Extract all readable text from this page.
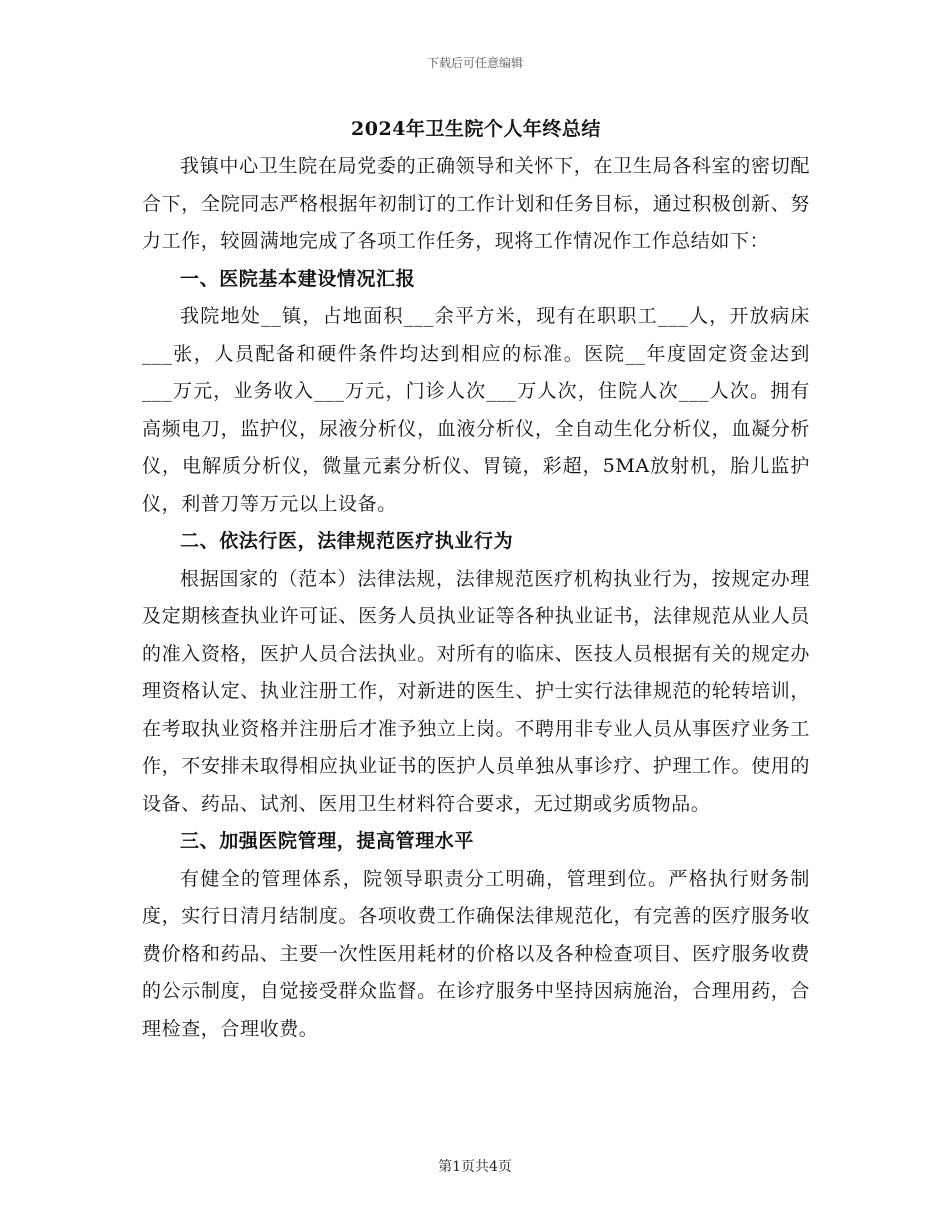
下载后可任意编辑
2024年卫生院个人年终总结

我镇中心卫生院在局党委的正确领导和关怀下，在卫生局各科室的密切配合下，全院同志严格根据年初制订的工作计划和任务目标，通过积极创新、努力工作，较圆满地完成了各项工作任务，现将工作情况作工作总结如下：

一、医院基本建设情况汇报

我院地处__镇，占地面积___余平方米，现有在职职工___人，开放病床___张，人员配备和硬件条件均达到相应的标准。医院__年度固定资金达到___万元，业务收入___万元，门诊人次___万人次，住院人次___人次。拥有高频电刀，监护仪，尿液分析仪，血液分析仪，全自动生化分析仪，血凝分析仪，电解质分析仪，微量元素分析仪、胃镜，彩超，5MA放射机，胎儿监护仪，利普刀等万元以上设备。

二、依法行医，法律规范医疗执业行为

根据国家的（范本）法律法规，法律规范医疗机构执业行为，按规定办理及定期核查执业许可证、医务人员执业证等各种执业证书，法律规范从业人员的准入资格，医护人员合法执业。对所有的临床、医技人员根据有关的规定办理资格认定、执业注册工作，对新进的医生、护士实行法律规范的轮转培训，在考取执业资格并注册后才准予独立上岗。不聘用非专业人员从事医疗业务工作，不安排未取得相应执业证书的医护人员单独从事诊疗、护理工作。使用的设备、药品、试剂、医用卫生材料符合要求，无过期或劣质物品。

三、加强医院管理，提高管理水平

有健全的管理体系，院领导职责分工明确，管理到位。严格执行财务制度，实行日清月结制度。各项收费工作确保法律规范化，有完善的医疗服务收费价格和药品、主要一次性医用耗材的价格以及各种检查项目、医疗服务收费的公示制度，自觉接受群众监督。在诊疗服务中坚持因病施治，合理用药，合理检查，合理收费。

第1页共4页
